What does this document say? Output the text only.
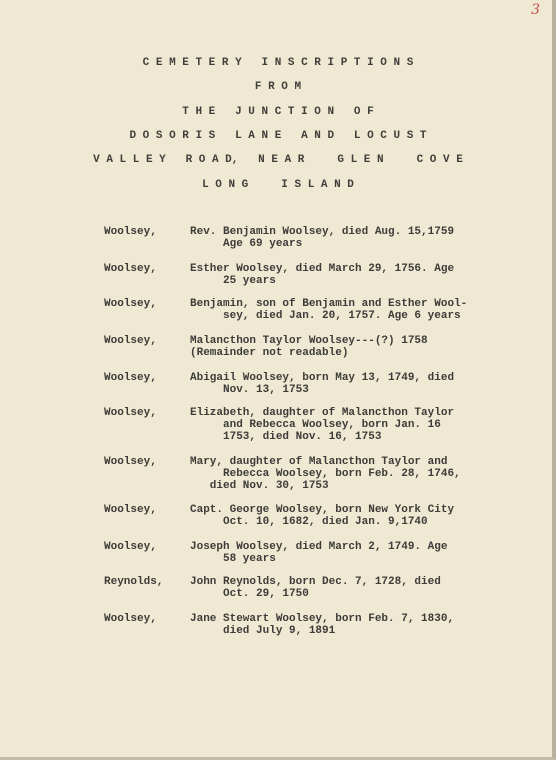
3
C E M E T E R Y   I N S C R I P T I O N S
F R O M
T H E   J U N C T I O N   O F
D O S O R I S   L A N E   A N D   L O C U S T
V A L L E Y   R O A D,   N E A R     G L E N     C O V E
L O N G     I S L A N D
Woolsey,	Rev. Benjamin Woolsey, died Aug. 15,1759
Age 69 years
Woolsey,	Esther Woolsey, died March 29, 1756. Age
25 years
Woolsey,	Benjamin, son of Benjamin and Esther Wool-
sey, died Jan. 20, 1757. Age 6 years
Woolsey,	Malancthon Taylor Woolsey---(?) 1758
(Remainder not readable)
Woolsey,	Abigail Woolsey, born May 13, 1749, died
Nov. 13, 1753
Woolsey,	Elizabeth, daughter of Malancthon Taylor
and Rebecca Woolsey, born Jan. 16
1753, died Nov. 16, 1753
Woolsey,	Mary, daughter of Malancthon Taylor and
Rebecca Woolsey, born Feb. 28, 1746,
died Nov. 30, 1753
Woolsey,	Capt. George Woolsey, born New York City
Oct. 10, 1682, died Jan. 9,1740
Woolsey,	Joseph Woolsey, died March 2, 1749. Age
58 years
Reynolds, John Reynolds, born Dec. 7, 1728, died
Oct. 29, 1750
Woolsey,	Jane Stewart Woolsey, born Feb. 7, 1830,
died July 9, 1891
